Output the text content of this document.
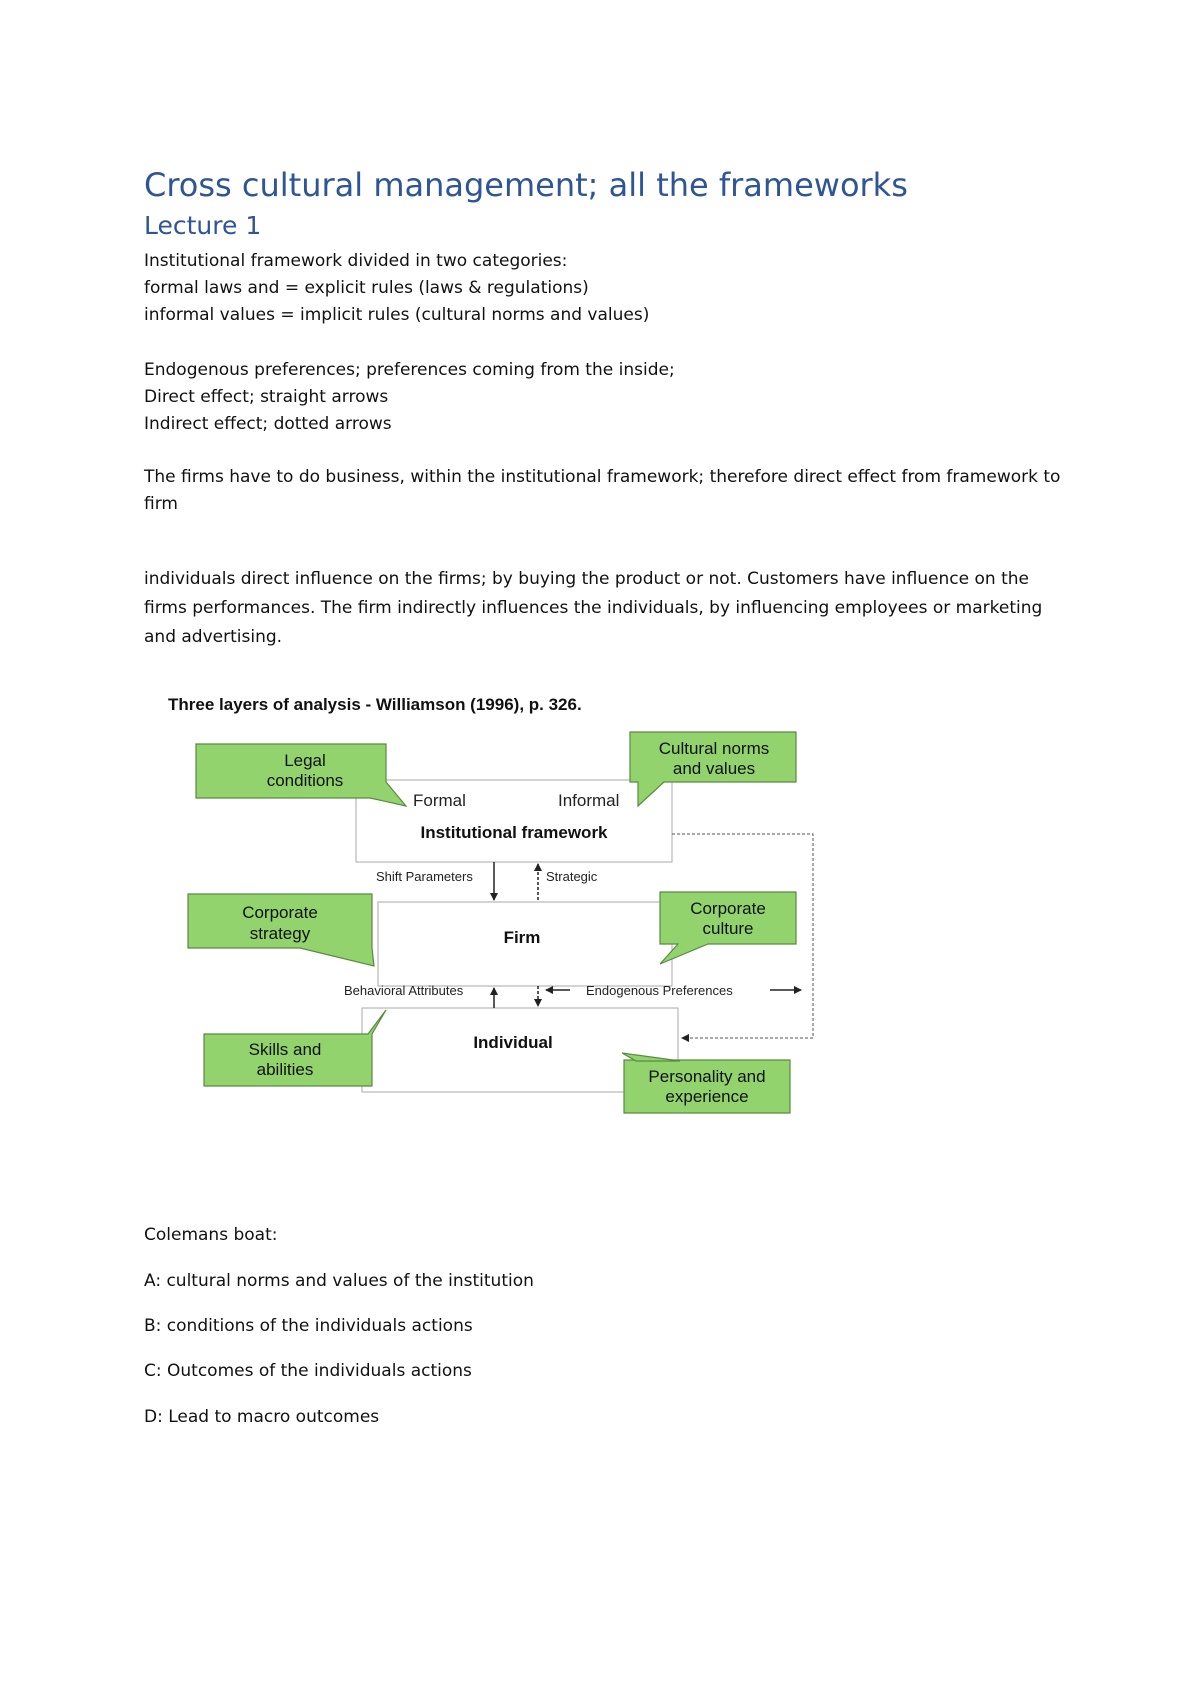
Cross cultural management; all the frameworks
Lecture 1
Institutional framework divided in two categories:
formal laws and = explicit rules (laws & regulations)
informal values = implicit rules (cultural norms and values)
Endogenous preferences; preferences coming from the inside;
Direct effect; straight arrows
Indirect effect; dotted arrows
The firms have to do business, within the institutional framework; therefore direct effect from framework to firm
individuals direct influence on the firms; by buying the product or not. Customers have influence on the firms performances. The firm indirectly influences the individuals, by influencing employees or marketing and advertising.
Three layers of analysis - Williamson (1996), p. 326.
Formal	Informal
Institutional framework
Firm
Individual
Shift Parameters	Strategic
Behavioral Attributes	Endogenous Preferences
Legal
conditions
Cultural norms
and values
Corporate
strategy
Corporate
culture
Skills and
abilities	Personality and
experience
Colemans boat:
A: cultural norms and values of the institution
B: conditions of the individuals actions
C: Outcomes of the individuals actions
D: Lead to macro outcomes
